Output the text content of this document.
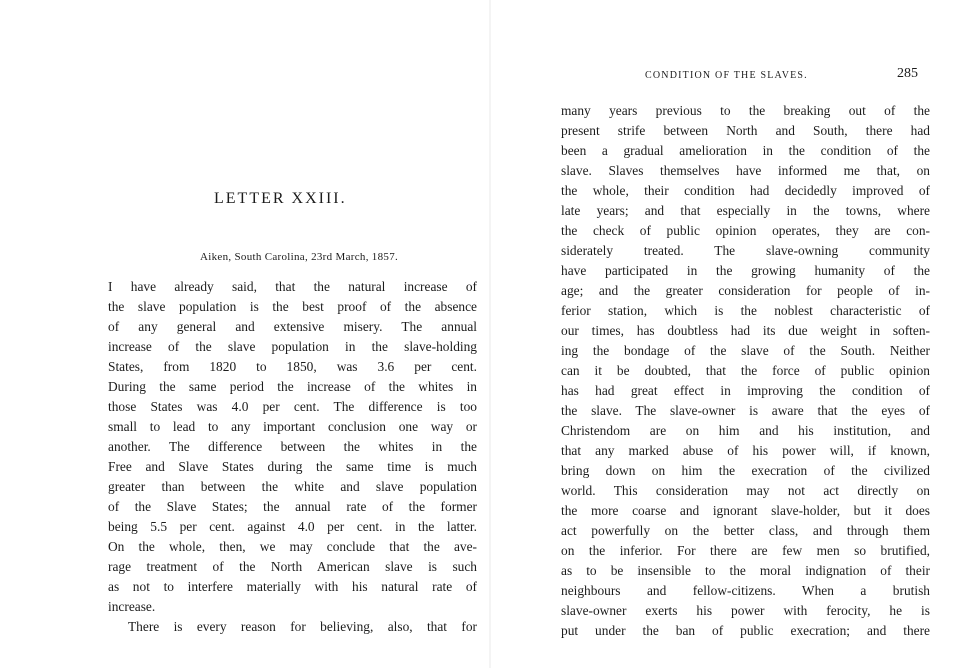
LETTER XXIII.

Aiken, South Carolina, 23rd March, 1857.

I have already said, that the natural increase of
the slave population is the best proof of the absence
of any general and extensive misery. The annual
increase of the slave population in the slave-holding
States, from 1820 to 1850, was 3.6 per cent.
During the same period the increase of the whites in
those States was 4.0 per cent. The difference is too
small to lead to any important conclusion one way or
another. The difference between the whites in the
Free and Slave States during the same time is much
greater than between the white and slave population
of the Slave States; the annual rate of the former
being 5.5 per cent. against 4.0 per cent. in the latter.
On the whole, then, we may conclude that the ave-
rage treatment of the North American slave is such
as not to interfere materially with his natural rate of
increase.
There is every reason for believing, also, that for

CONDITION OF THE SLAVES.	285

many years previous to the breaking out of the
present strife between North and South, there had
been a gradual amelioration in the condition of the
slave. Slaves themselves have informed me that, on
the whole, their condition had decidedly improved of
late years; and that especially in the towns, where
the check of public opinion operates, they are con-
siderately treated. The slave-owning community
have participated in the growing humanity of the
age; and the greater consideration for people of in-
ferior station, which is the noblest characteristic of
our times, has doubtless had its due weight in soften-
ing the bondage of the slave of the South. Neither
can it be doubted, that the force of public opinion
has had great effect in improving the condition of
the slave. The slave-owner is aware that the eyes of
Christendom are on him and his institution, and
that any marked abuse of his power will, if known,
bring down on him the execration of the civilized
world. This consideration may not act directly on
the more coarse and ignorant slave-holder, but it does
act powerfully on the better class, and through them
on the inferior. For there are few men so brutified,
as to be insensible to the moral indignation of their
neighbours and fellow-citizens. When a brutish
slave-owner exerts his power with ferocity, he is
put under the ban of public execration; and there
